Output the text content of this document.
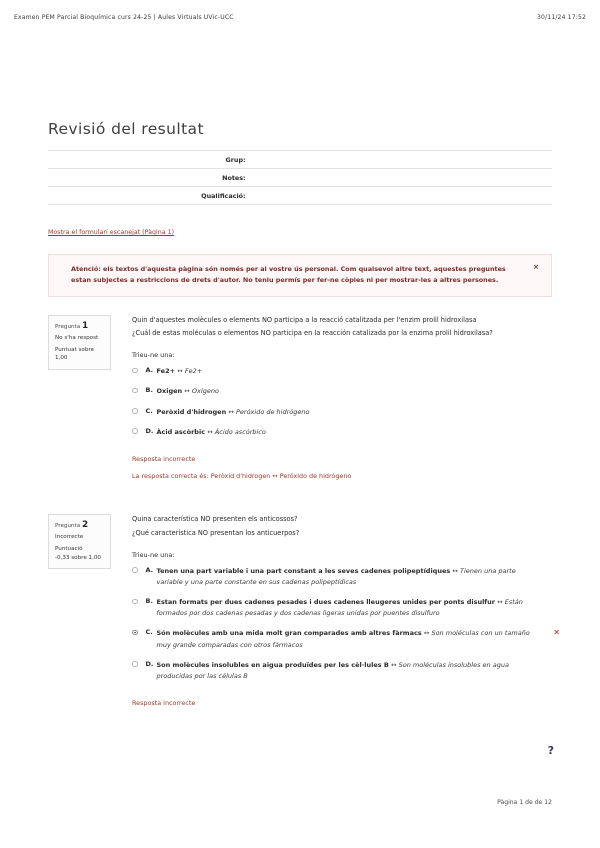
Examen PEM Parcial Bioquímica curs 24-25 | Aules Virtuals UVic-UCC	30/11/24 17:52
Revisió del resultat
Grup:	
Notes:	
Qualificació:	
Mostra el formulari escanejat (Pàgina 1)

Atenció: els textos d'aquesta pàgina són només per al vostre ús personal. Com qualsevol altre text, aquestes preguntes estan subjectes a restriccions de drets d'autor. No teniu permís per fer-ne còpies ni per mostrar-les a altres persones.

×
Pregunta 1
No s'ha respost
Puntuat sobre
1,00

Quin d'aquestes molècules o elements NO participa a la reacció catalitzada per l'enzim prolil hidroxilasa

¿Cuál de estas moléculas o elementos NO participa en la reacción catalizada por la enzima prolil hidroxilasa?

Trieu-ne una:
A. Fe2+ ↔ Fe2+
B. Oxigen ↔ Oxígeno
C. Peròxid d'hidrogen ↔ Peróxido de hidrógeno
D. Àcid ascòrbic ↔ Ácido ascórbico
Resposta incorrecte
La resposta correcta és: Peròxid d'hidrogen ↔ Peróxido de hidrógeno
Pregunta 2
Incorrecte
Puntuació
-0,33 sobre 1,00

Quina característica NO presenten els anticossos?

¿Qué característica NO presentan los anticuerpos?

Trieu-ne una:
A. Tenen una part variable i una part constant a les seves cadenes polipeptídiques ↔ Tienen una parte variable y una parte constante en sus cadenas polipeptídicas
B. Estan formats per dues cadenes pesades i dues cadenes lleugeres unides per ponts disulfur ↔ Están formados por dos cadenas pesadas y dos cadenas ligeras unidas por puentes disulfuro
C. Són molècules amb una mida molt gran comparades amb altres fàrmacs ↔ Son moléculas con un tamaño muy grande comparadas con otros fármacos
✕
D. Son molècules insolubles en aigua produïdes per les cèl·lules B ↔ Son moléculas insolubles en agua producidas por las células B
Resposta incorrecte
?
Pàgina 1 de de 12
